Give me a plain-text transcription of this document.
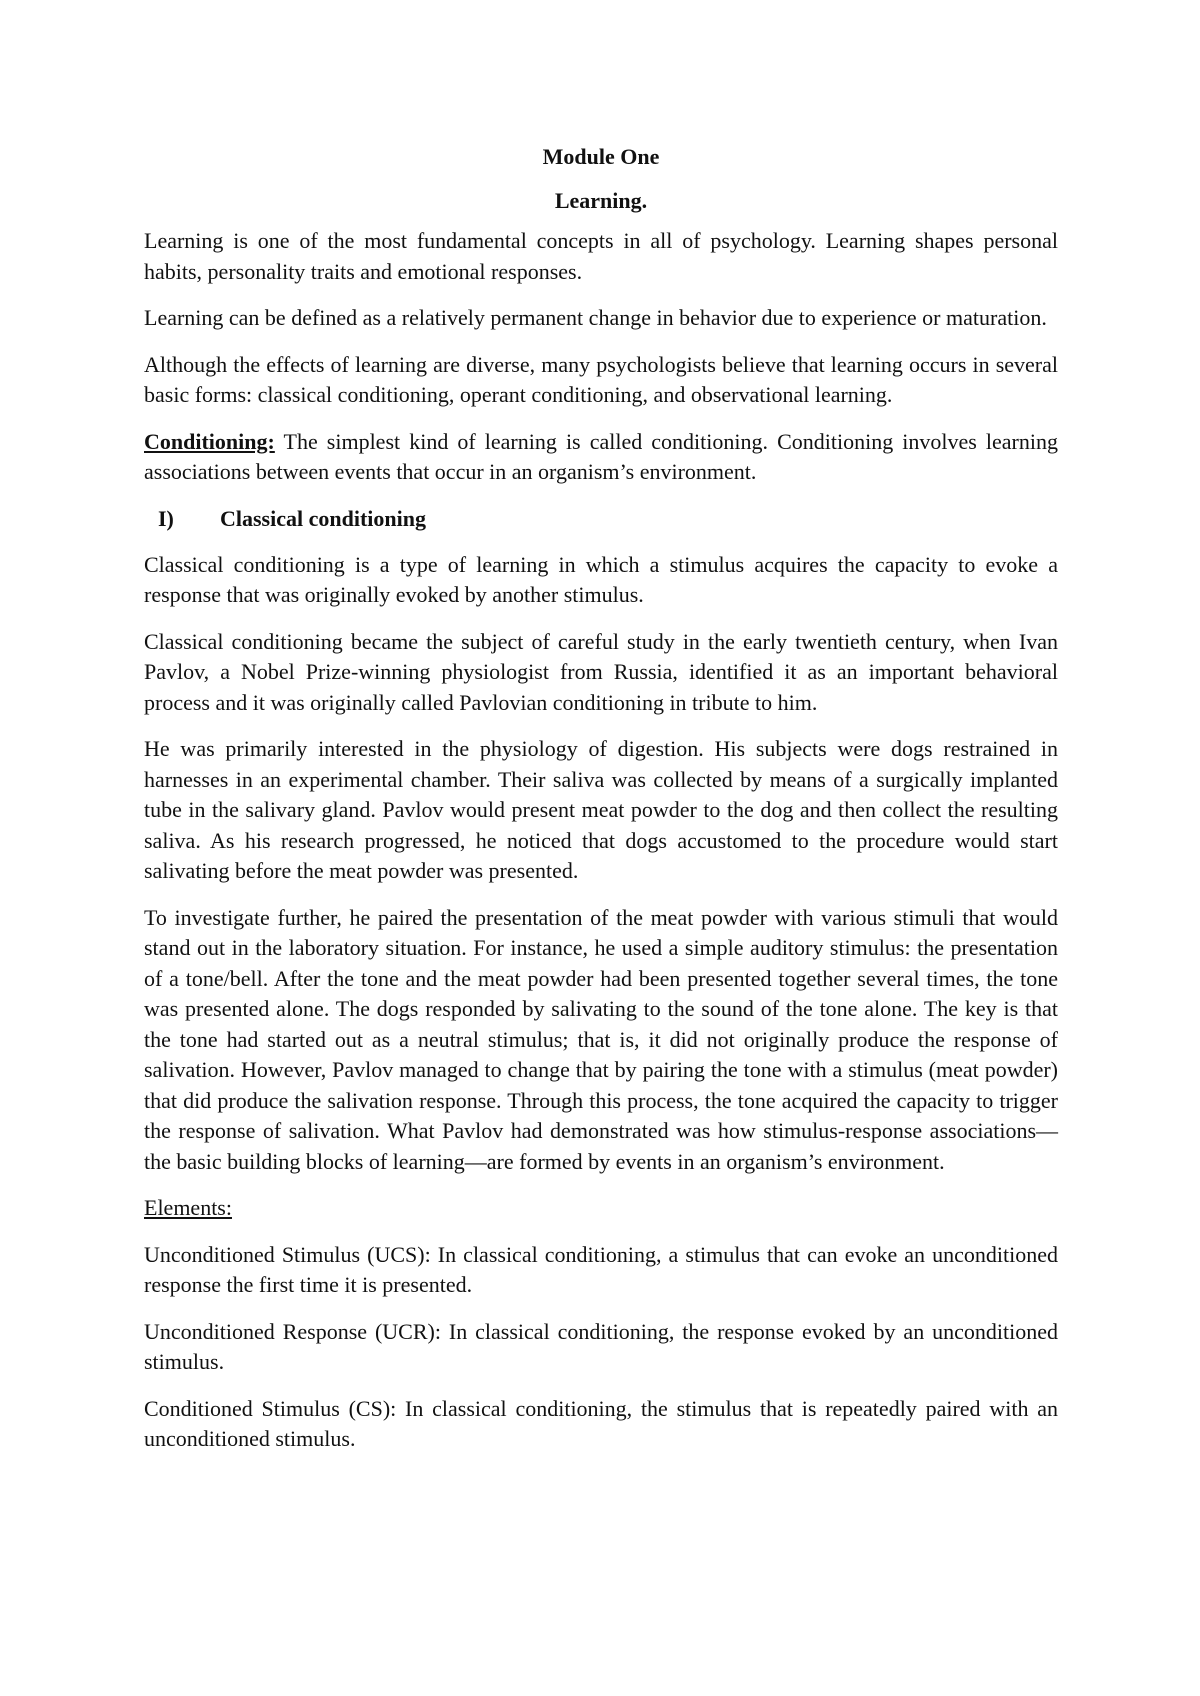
Module One
Learning.

Learning is one of the most fundamental concepts in all of psychology. Learning shapes personal habits, personality traits and emotional responses.

Learning can be defined as a relatively permanent change in behavior due to experience or maturation.

Although the effects of learning are diverse, many psychologists believe that learning occurs in several basic forms: classical conditioning, operant conditioning, and observational learning.

Conditioning: The simplest kind of learning is called conditioning. Conditioning involves learning associations between events that occur in an organism’s environment.

I)	Classical conditioning

Classical conditioning is a type of learning in which a stimulus acquires the capacity to evoke a response that was originally evoked by another stimulus.

Classical conditioning became the subject of careful study in the early twentieth century, when Ivan Pavlov, a Nobel Prize-winning physiologist from Russia, identified it as an important behavioral process and it was originally called Pavlovian conditioning in tribute to him.

He was primarily interested in the physiology of digestion. His subjects were dogs restrained in harnesses in an experimental chamber. Their saliva was collected by means of a surgically implanted tube in the salivary gland. Pavlov would present meat powder to the dog and then collect the resulting saliva. As his research progressed, he noticed that dogs accustomed to the procedure would start salivating before the meat powder was presented.

To investigate further, he paired the presentation of the meat powder with various stimuli that would stand out in the laboratory situation. For instance, he used a simple auditory stimulus: the presentation of a tone/bell. After the tone and the meat powder had been presented together several times, the tone was presented alone. The dogs responded by salivating to the sound of the tone alone. The key is that the tone had started out as a neutral stimulus; that is, it did not originally produce the response of salivation. However, Pavlov managed to change that by pairing the tone with a stimulus (meat powder) that did produce the salivation response. Through this process, the tone acquired the capacity to trigger the response of salivation. What Pavlov had demonstrated was how stimulus-response associations—the basic building blocks of learning—are formed by events in an organism’s environment.

Elements:

Unconditioned Stimulus (UCS): In classical conditioning, a stimulus that can evoke an unconditioned response the first time it is presented.

Unconditioned Response (UCR): In classical conditioning, the response evoked by an unconditioned stimulus.

Conditioned Stimulus (CS): In classical conditioning, the stimulus that is repeatedly paired with an unconditioned stimulus.
